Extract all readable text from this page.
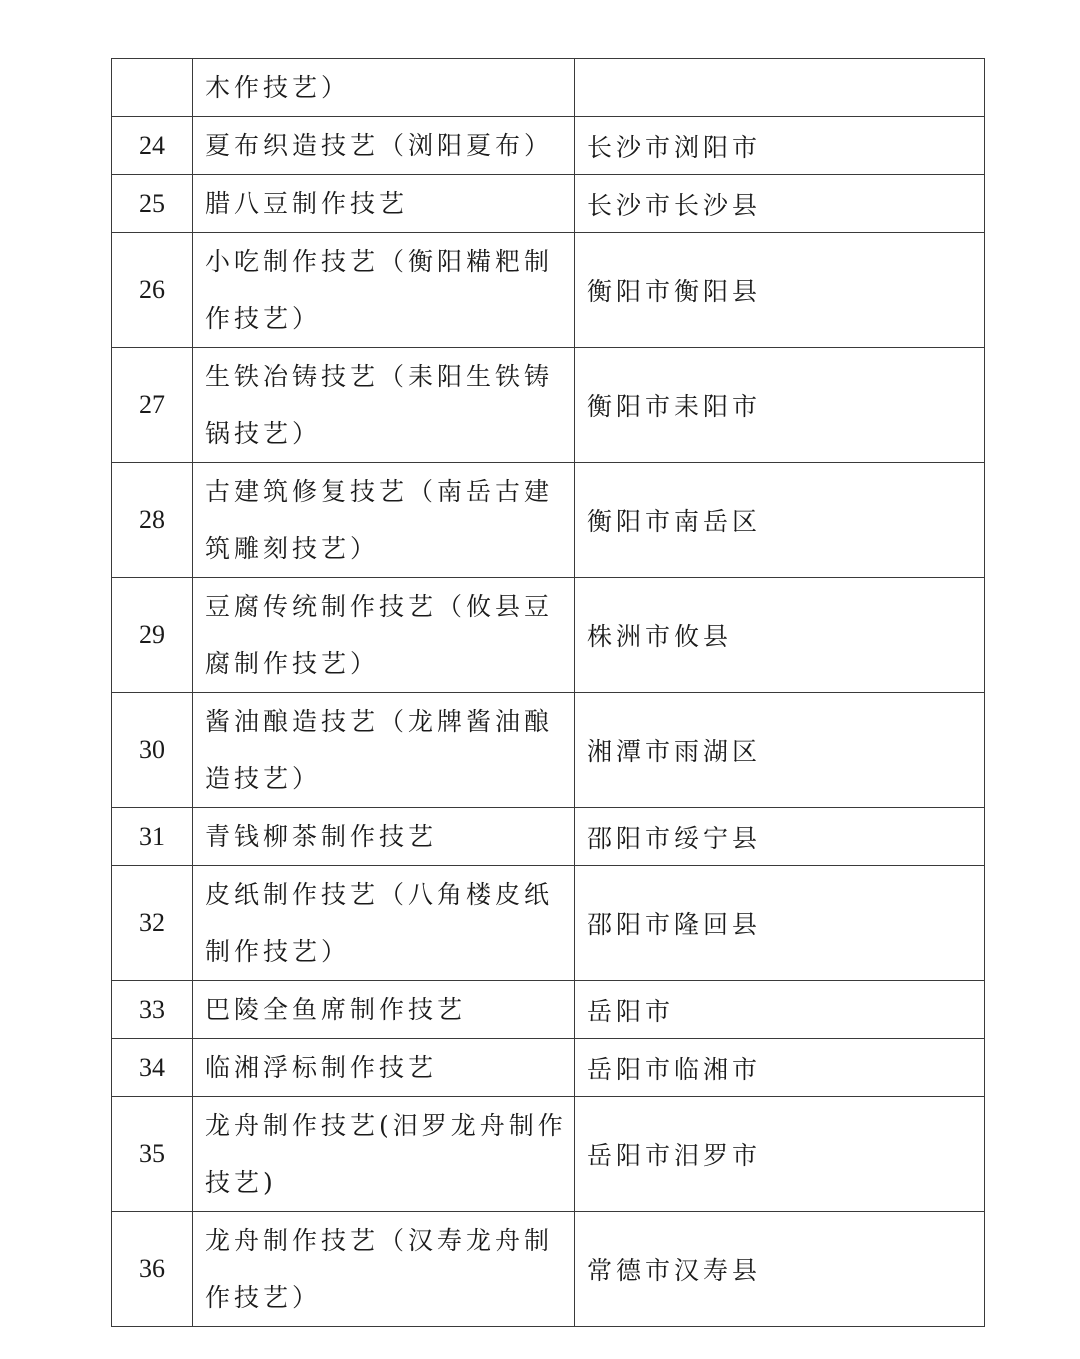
	木作技艺）	
24	夏布织造技艺（浏阳夏布）	长沙市浏阳市
25	腊八豆制作技艺	长沙市长沙县
26	小吃制作技艺（衡阳糒粑制作技艺）	衡阳市衡阳县
27	生铁冶铸技艺（耒阳生铁铸锅技艺）	衡阳市耒阳市
28	古建筑修复技艺（南岳古建筑雕刻技艺）	衡阳市南岳区
29	豆腐传统制作技艺（攸县豆腐制作技艺）	株洲市攸县
30	酱油酿造技艺（龙牌酱油酿造技艺）	湘潭市雨湖区
31	青钱柳茶制作技艺	邵阳市绥宁县
32	皮纸制作技艺（八角楼皮纸制作技艺）	邵阳市隆回县
33	巴陵全鱼席制作技艺	岳阳市
34	临湘浮标制作技艺	岳阳市临湘市
35	龙舟制作技艺(汨罗龙舟制作技艺)	岳阳市汨罗市
36	龙舟制作技艺（汉寿龙舟制作技艺）	常德市汉寿县
